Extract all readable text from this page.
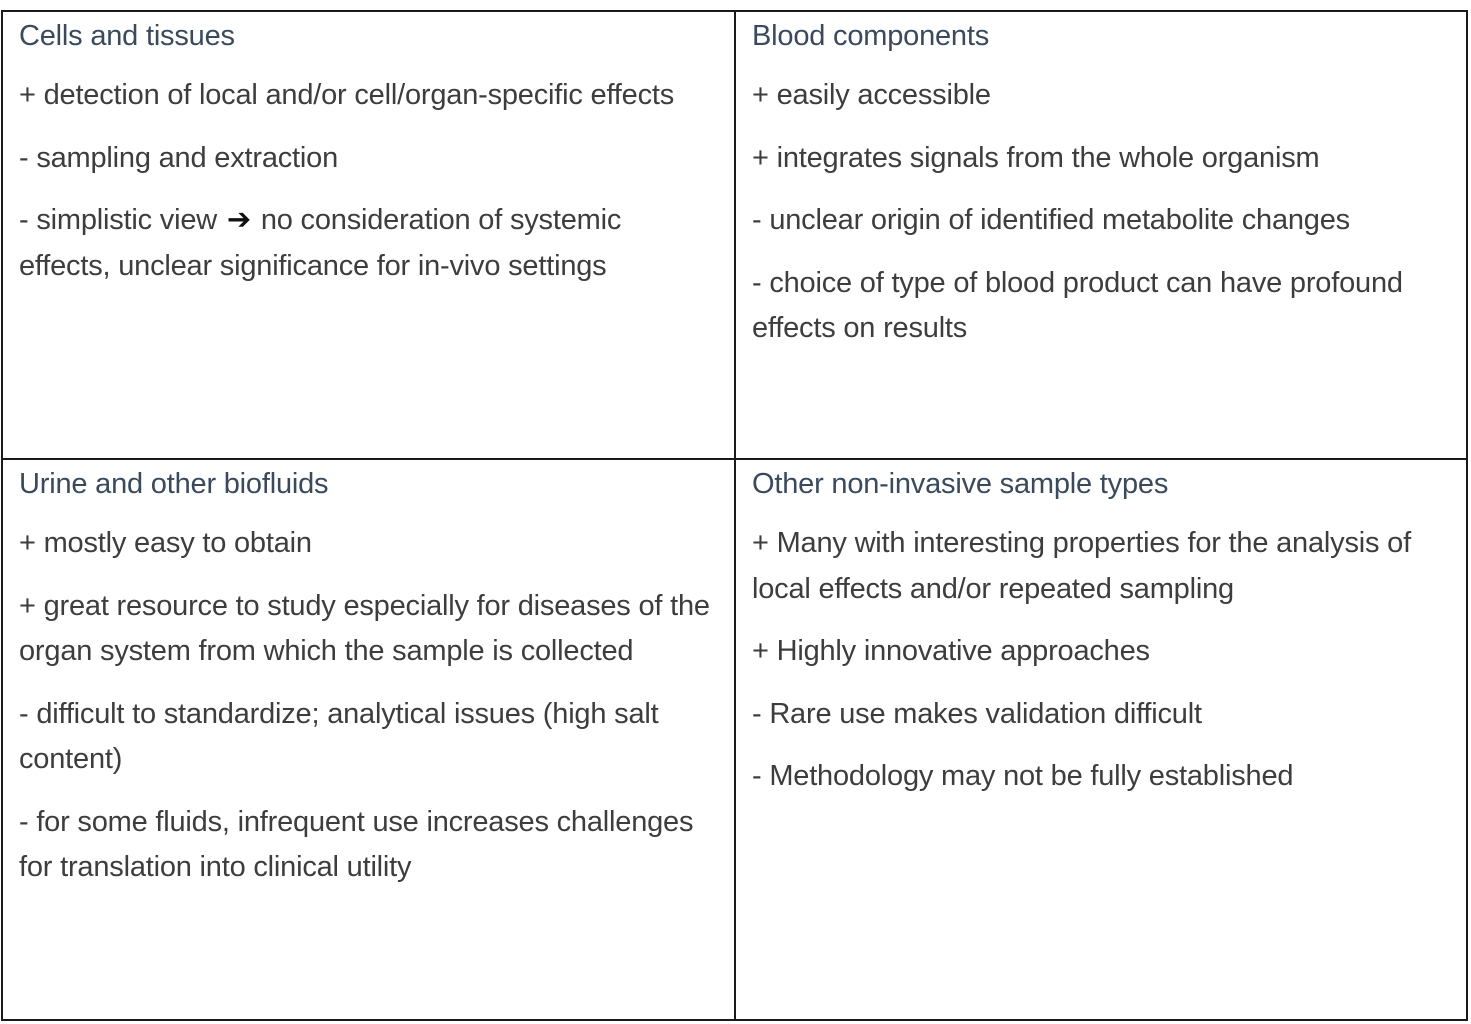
Cells and tissues
+ detection of local and/or cell/organ-specific effects
- sampling and extraction
- simplistic view ➔ no consideration of systemic effects, unclear significance for in-vivo settings
Blood components
+ easily accessible
+ integrates signals from the whole organism
- unclear origin of identified metabolite changes
- choice of type of blood product can have profound effects on results
Urine and other biofluids
+ mostly easy to obtain
+ great resource to study especially for diseases of the organ system from which the sample is collected
- difficult to standardize; analytical issues (high salt content)
- for some fluids, infrequent use increases challenges for translation into clinical utility
Other non-invasive sample types
+ Many with interesting properties for the analysis of local effects and/or repeated sampling
+ Highly innovative approaches
- Rare use makes validation difficult
- Methodology may not be fully established
